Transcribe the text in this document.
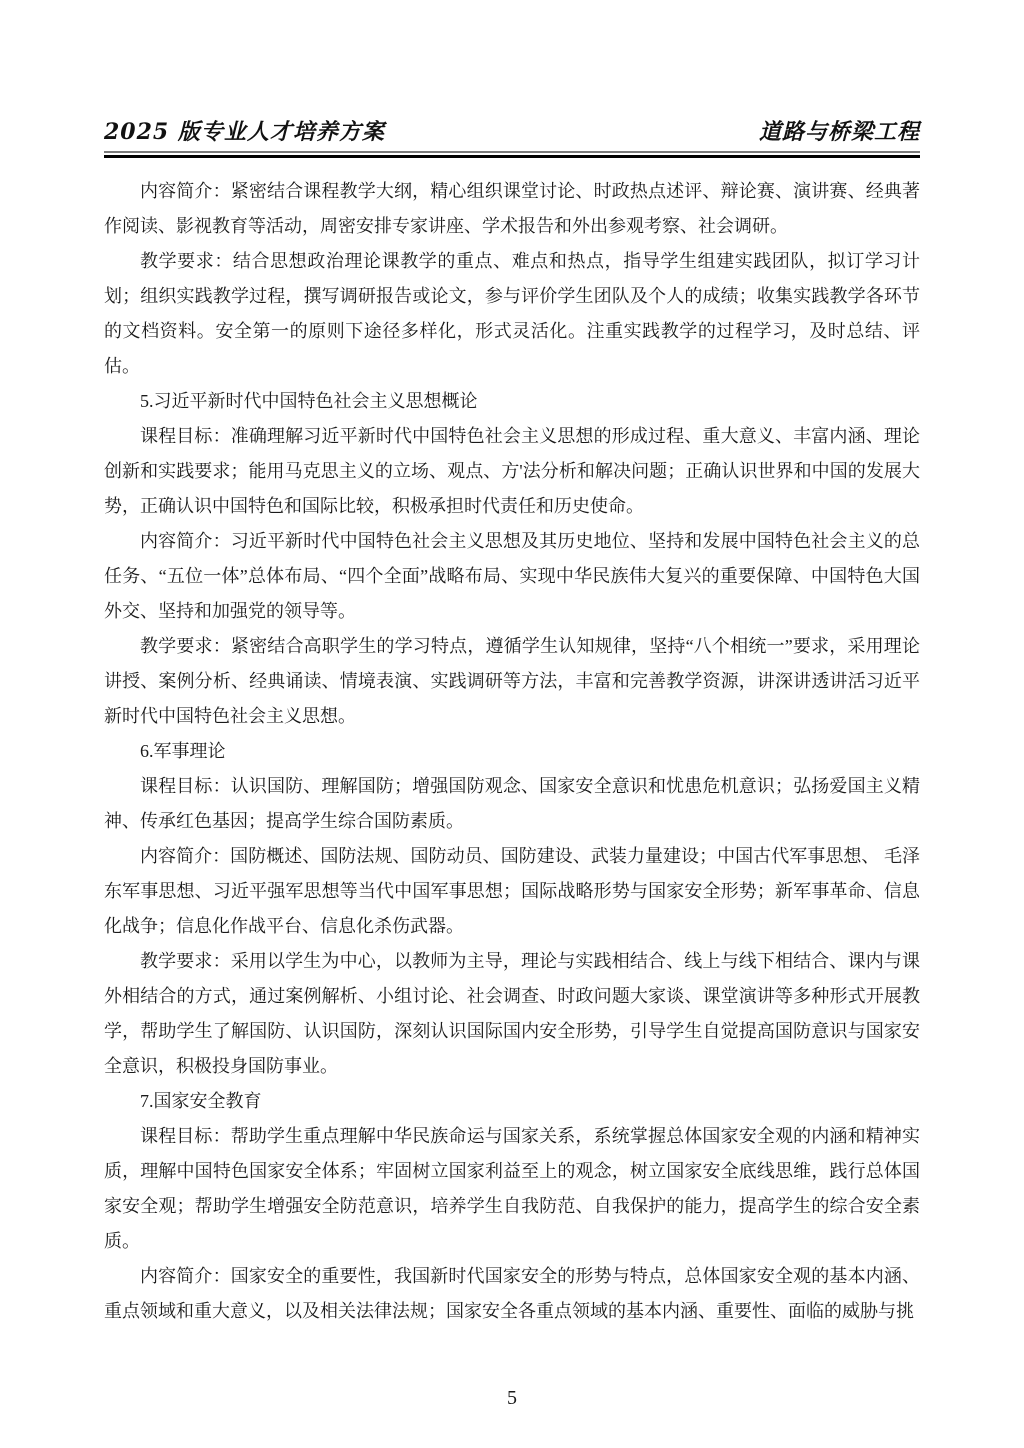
2025 版专业人才培养方案	道路与桥梁工程

内容简介：紧密结合课程教学大纲，精心组织课堂讨论、时政热点述评、辩论赛、演讲赛、经典著作阅读、影视教育等活动，周密安排专家讲座、学术报告和外出参观考察、社会调研。

教学要求：结合思想政治理论课教学的重点、难点和热点，指导学生组建实践团队，拟订学习计划；组织实践教学过程，撰写调研报告或论文，参与评价学生团队及个人的成绩；收集实践教学各环节的文档资料。安全第一的原则下途径多样化，形式灵活化。注重实践教学的过程学习，及时总结、评估。

5.习近平新时代中国特色社会主义思想概论

课程目标：准确理解习近平新时代中国特色社会主义思想的形成过程、重大意义、丰富内涵、理论创新和实践要求；能用马克思主义的立场、观点、方'法分析和解决问题；正确认识世界和中国的发展大势，正确认识中国特色和国际比较，积极承担时代责任和历史使命。

内容简介：习近平新时代中国特色社会主义思想及其历史地位、坚持和发展中国特色社会主义的总任务、“五位一体”总体布局、“四个全面”战略布局、实现中华民族伟大复兴的重要保障、中国特色大国外交、坚持和加强党的领导等。

教学要求：紧密结合高职学生的学习特点，遵循学生认知规律，坚持“八个相统一”要求，采用理论讲授、案例分析、经典诵读、情境表演、实践调研等方法，丰富和完善教学资源，讲深讲透讲活习近平新时代中国特色社会主义思想。

6.军事理论

课程目标：认识国防、理解国防；增强国防观念、国家安全意识和忧患危机意识；弘扬爱国主义精神、传承红色基因；提高学生综合国防素质。

内容简介：国防概述、国防法规、国防动员、国防建设、武装力量建设；中国古代军事思想、 毛泽东军事思想、习近平强军思想等当代中国军事思想；国际战略形势与国家安全形势；新军事革命、信息化战争；信息化作战平台、信息化杀伤武器。

教学要求：采用以学生为中心，以教师为主导，理论与实践相结合、线上与线下相结合、课内与课外相结合的方式，通过案例解析、小组讨论、社会调查、时政问题大家谈、课堂演讲等多种形式开展教学，帮助学生了解国防、认识国防，深刻认识国际国内安全形势，引导学生自觉提高国防意识与国家安全意识，积极投身国防事业。

7.国家安全教育

课程目标：帮助学生重点理解中华民族命运与国家关系，系统掌握总体国家安全观的内涵和精神实质，理解中国特色国家安全体系；牢固树立国家利益至上的观念，树立国家安全底线思维，践行总体国家安全观；帮助学生增强安全防范意识，培养学生自我防范、自我保护的能力，提高学生的综合安全素质。

内容简介：国家安全的重要性，我国新时代国家安全的形势与特点，总体国家安全观的基本内涵、重点领域和重大意义，以及相关法律法规；国家安全各重点领域的基本内涵、重要性、面临的威胁与挑

5
